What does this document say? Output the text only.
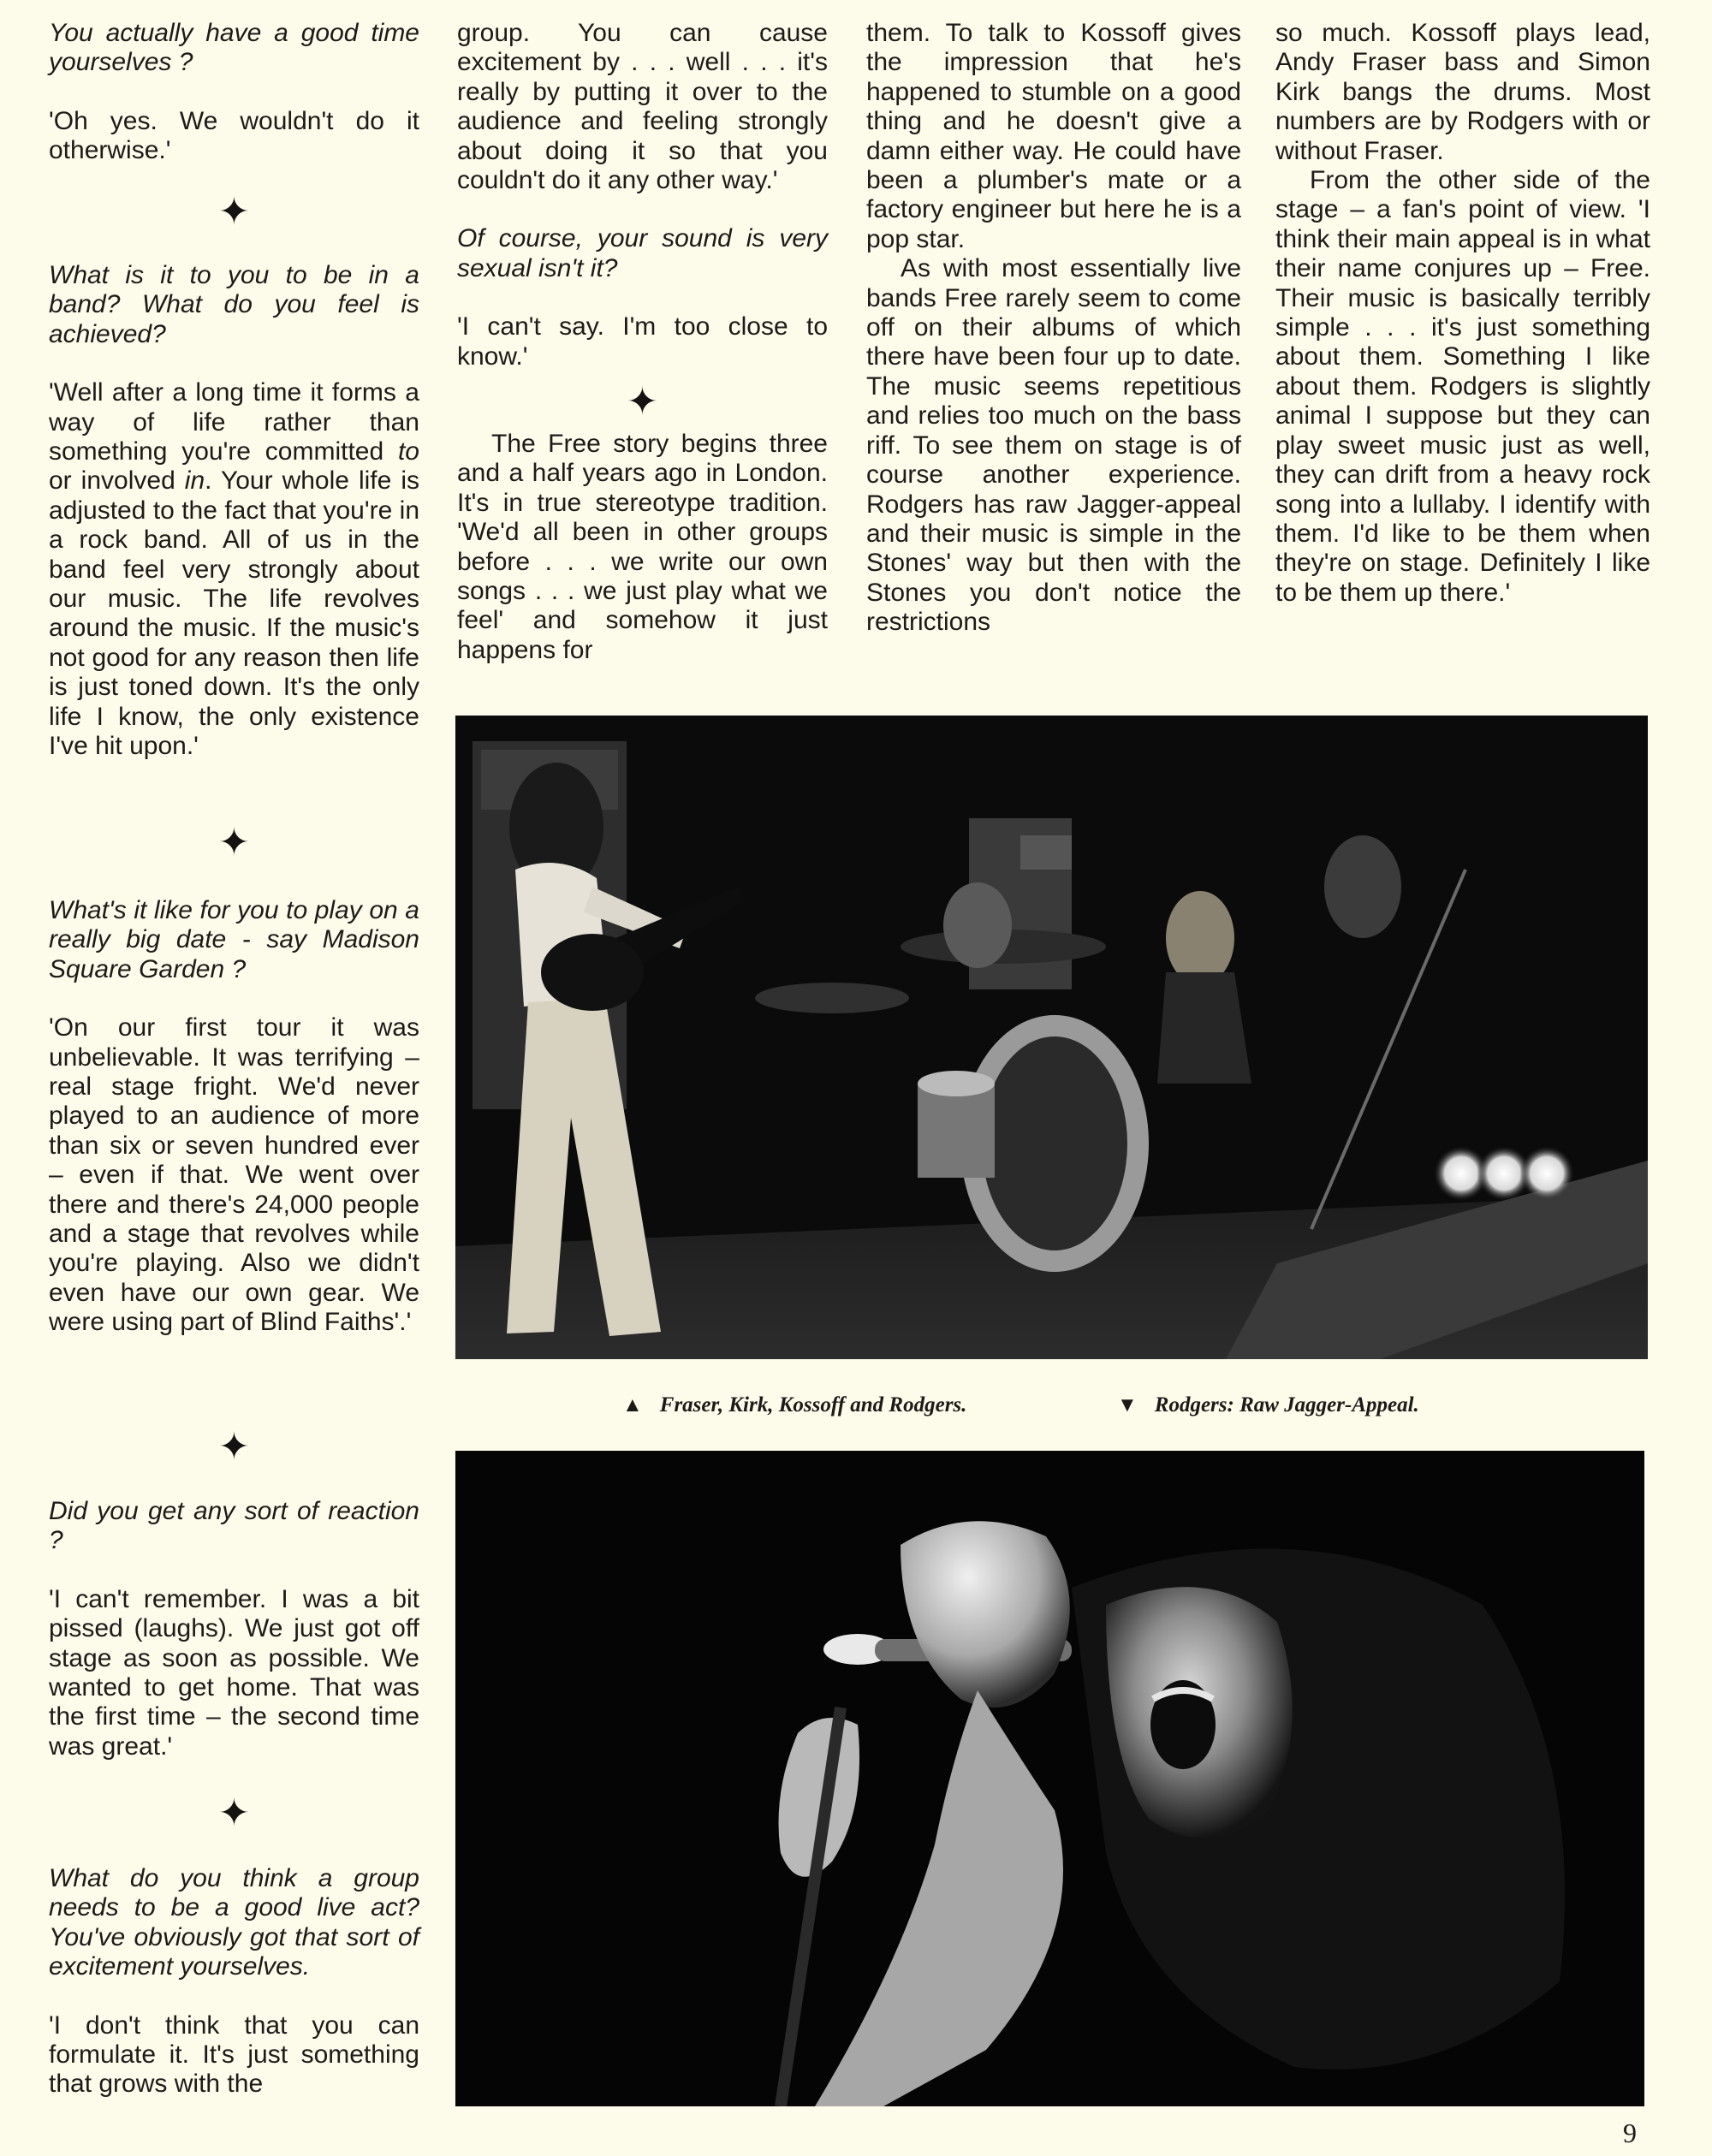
You actually have a good time yourselves ?

'Oh yes. We wouldn't do it otherwise.'

✦

What is it to you to be in a band? What do you feel is achieved?

'Well after a long time it forms a way of life rather than something you're committed to or involved in. Your whole life is adjusted to the fact that you're in a rock band. All of us in the band feel very strongly about our music. The life revolves around the music. If the music's not good for any reason then life is just toned down. It's the only life I know, the only existence I've hit upon.'

✦

What's it like for you to play on a really big date - say Madison Square Garden ?

'On our first tour it was unbelievable. It was terrifying – real stage fright. We'd never played to an audience of more than six or seven hundred ever – even if that. We went over there and there's 24,000 people and a stage that revolves while you're playing. Also we didn't even have our own gear. We were using part of Blind Faiths'.'

✦

Did you get any sort of reaction ?

'I can't remember. I was a bit pissed (laughs). We just got off stage as soon as possible. We wanted to get home. That was the first time – the second time was great.'

✦

What do you think a group needs to be a good live act? You've obviously got that sort of excitement yourselves.

'I don't think that you can formulate it. It's just something that grows with the

group. You can cause excitement by . . . well . . . it's really by putting it over to the audience and feeling strongly about doing it so that you couldn't do it any other way.'

Of course, your sound is very sexual isn't it?

'I can't say. I'm too close to know.'

✦

The Free story begins three and a half years ago in London. It's in true stereotype tradition. 'We'd all been in other groups before . . . we write our own songs . . . we just play what we feel' and somehow it just happens for

them. To talk to Kossoff gives the impression that he's happened to stumble on a good thing and he doesn't give a damn either way. He could have been a plumber's mate or a factory engineer but here he is a pop star.

As with most essentially live bands Free rarely seem to come off on their albums of which there have been four up to date. The music seems repetitious and relies too much on the bass riff. To see them on stage is of course another experience. Rodgers has raw Jagger-appeal and their music is simple in the Stones' way but then with the Stones you don't notice the restrictions

so much. Kossoff plays lead, Andy Fraser bass and Simon Kirk bangs the drums. Most numbers are by Rodgers with or without Fraser.

From the other side of the stage – a fan's point of view. 'I think their main appeal is in what their name conjures up – Free. Their music is basically terribly simple . . . it's just something about them. Something I like about them. Rodgers is slightly animal I suppose but they can play sweet music just as well, they can drift from a heavy rock song into a lullaby. I identify with them. I'd like to be them when they're on stage. Definitely I like to be them up there.'

▲ Fraser, Kirk, Kossoff and Rodgers.	▼ Rodgers: Raw Jagger-Appeal.
9
